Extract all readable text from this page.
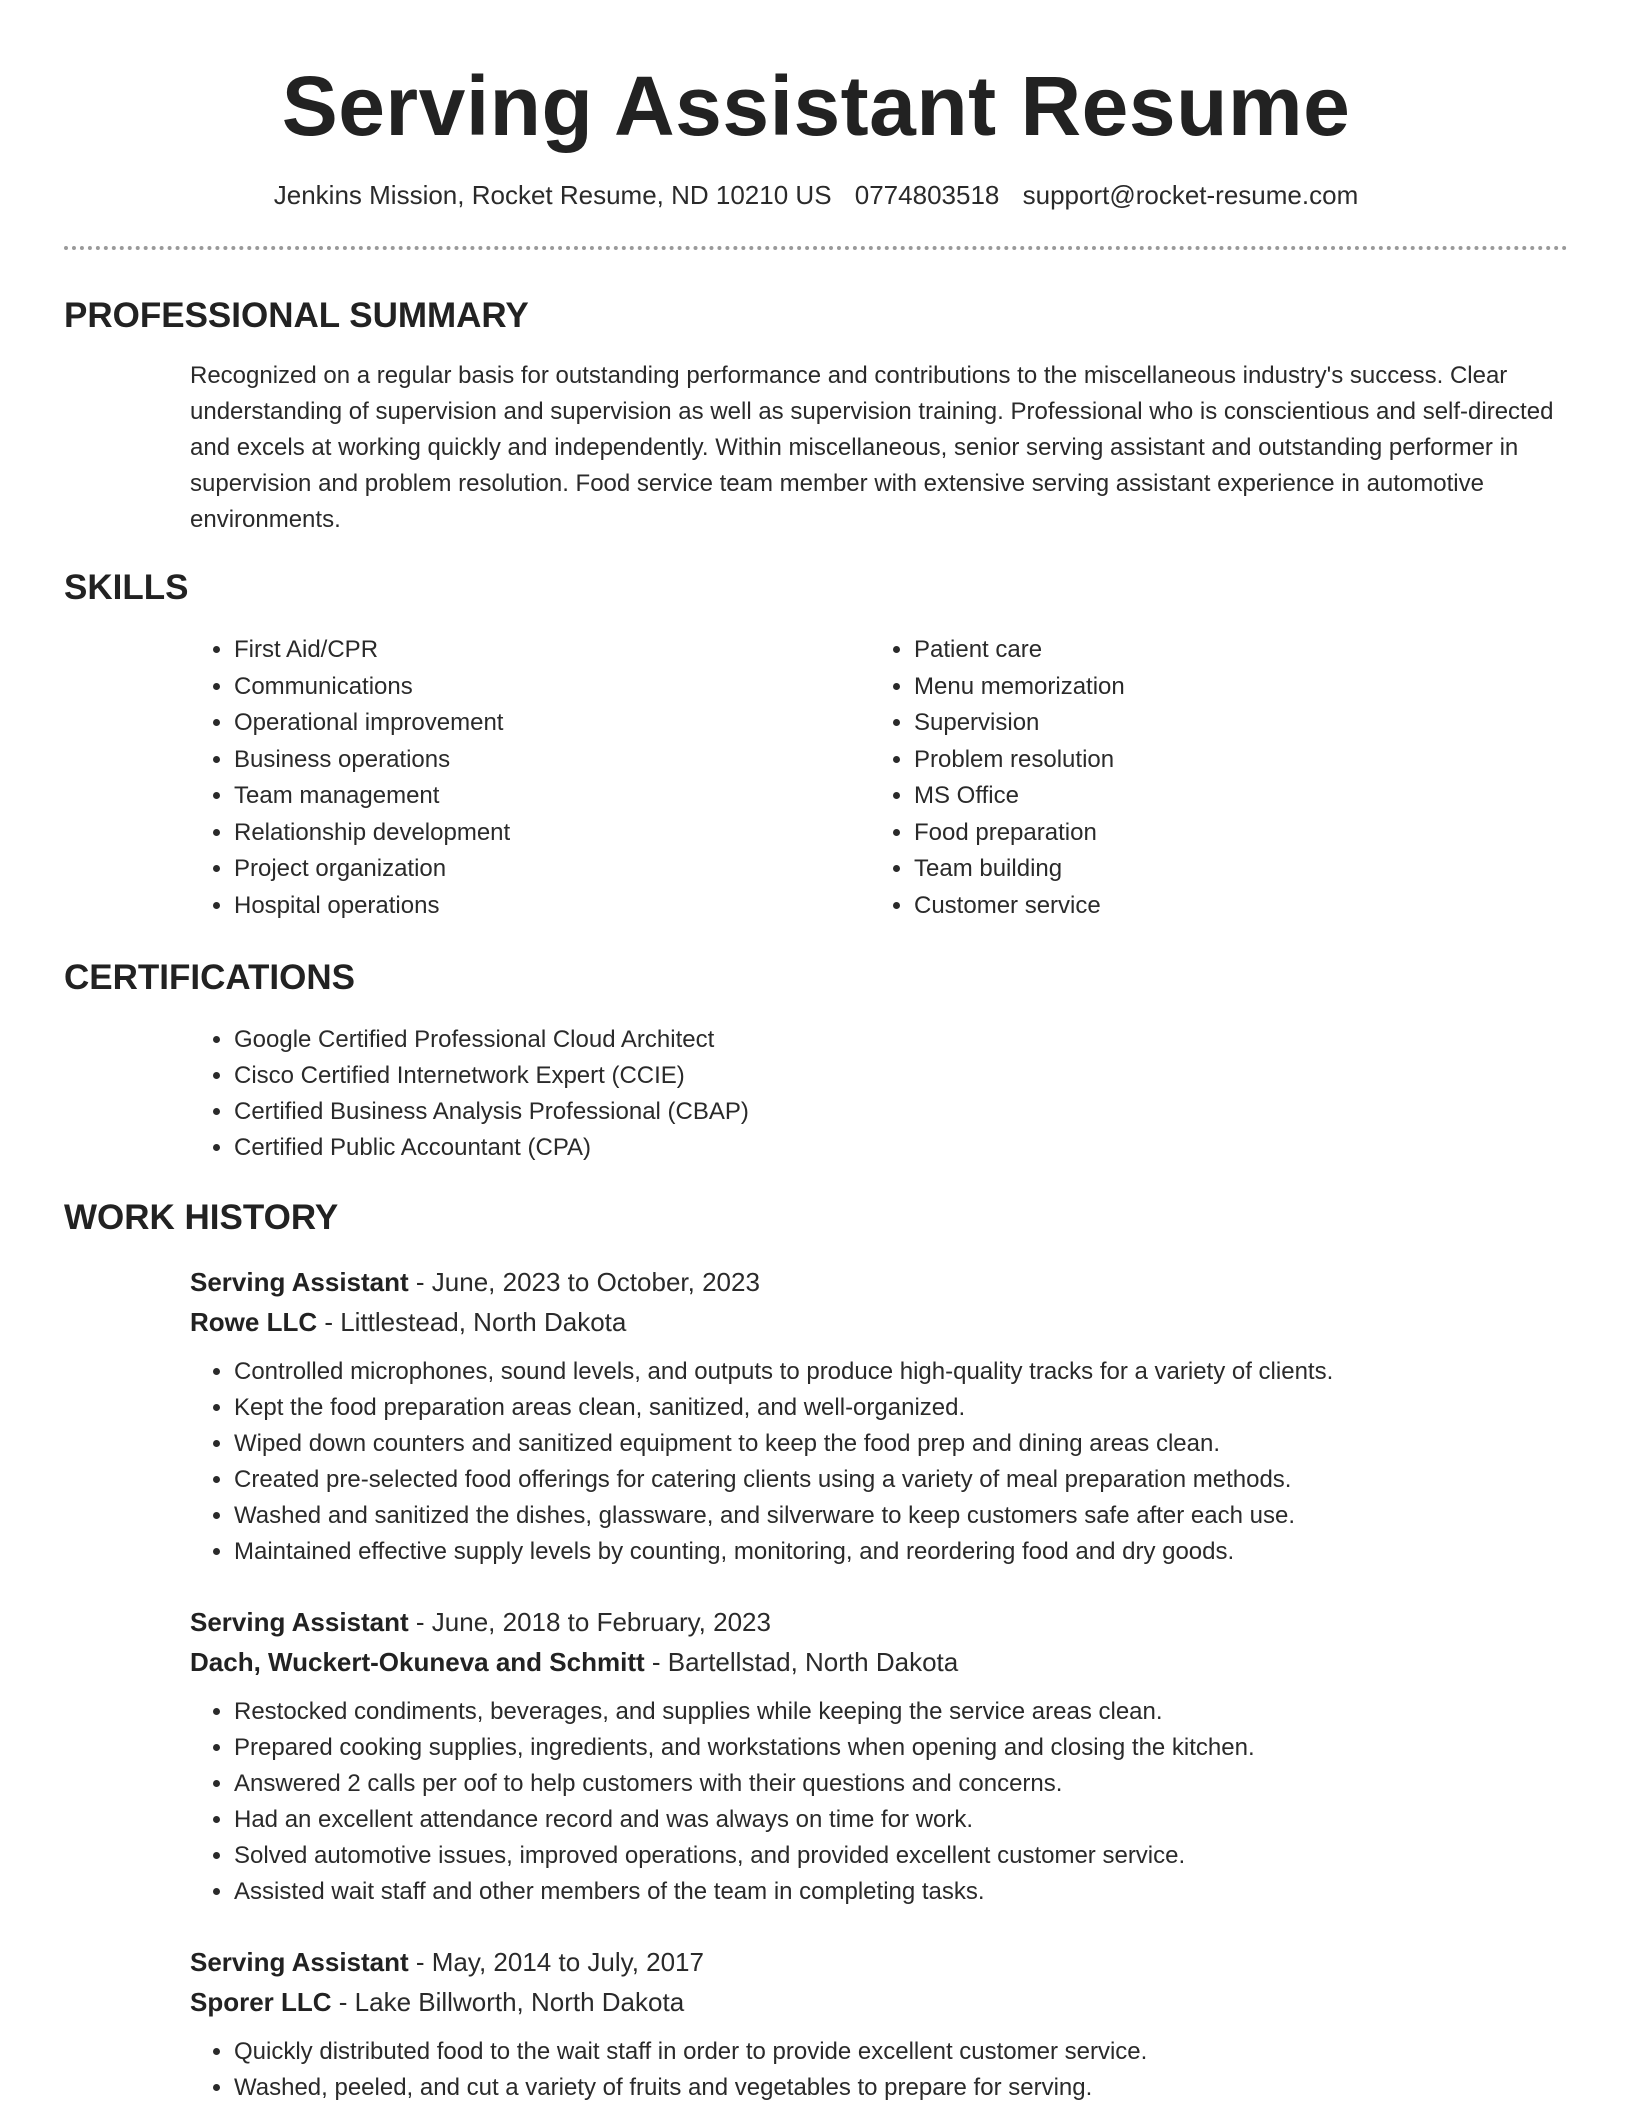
Serving Assistant Resume
Jenkins Mission, Rocket Resume, ND 10210 US 0774803518 support@rocket-resume.com
PROFESSIONAL SUMMARY

Recognized on a regular basis for outstanding performance and contributions to the miscellaneous industry's success. Clear understanding of supervision and supervision as well as supervision training. Professional who is conscientious and self-directed and excels at working quickly and independently. Within miscellaneous, senior serving assistant and outstanding performer in supervision and problem resolution. Food service team member with extensive serving assistant experience in automotive environments.

SKILLS
• First Aid/CPR
• Communications
• Operational improvement
• Business operations
• Team management
• Relationship development
• Project organization
• Hospital operations
• Patient care
• Menu memorization
• Supervision
• Problem resolution
• MS Office
• Food preparation
• Team building
• Customer service
CERTIFICATIONS
• Google Certified Professional Cloud Architect
• Cisco Certified Internetwork Expert (CCIE)
• Certified Business Analysis Professional (CBAP)
• Certified Public Accountant (CPA)
WORK HISTORY
Serving Assistant - June, 2023 to October, 2023
Rowe LLC - Littlestead, North Dakota
• Controlled microphones, sound levels, and outputs to produce high-quality tracks for a variety of clients.
• Kept the food preparation areas clean, sanitized, and well-organized.
• Wiped down counters and sanitized equipment to keep the food prep and dining areas clean.
• Created pre-selected food offerings for catering clients using a variety of meal preparation methods.
• Washed and sanitized the dishes, glassware, and silverware to keep customers safe after each use.
• Maintained effective supply levels by counting, monitoring, and reordering food and dry goods.
Serving Assistant - June, 2018 to February, 2023
Dach, Wuckert-Okuneva and Schmitt - Bartellstad, North Dakota
• Restocked condiments, beverages, and supplies while keeping the service areas clean.
• Prepared cooking supplies, ingredients, and workstations when opening and closing the kitchen.
• Answered 2 calls per oof to help customers with their questions and concerns.
• Had an excellent attendance record and was always on time for work.
• Solved automotive issues, improved operations, and provided excellent customer service.
• Assisted wait staff and other members of the team in completing tasks.
Serving Assistant - May, 2014 to July, 2017
Sporer LLC - Lake Billworth, North Dakota
• Quickly distributed food to the wait staff in order to provide excellent customer service.
• Washed, peeled, and cut a variety of fruits and vegetables to prepare for serving.
